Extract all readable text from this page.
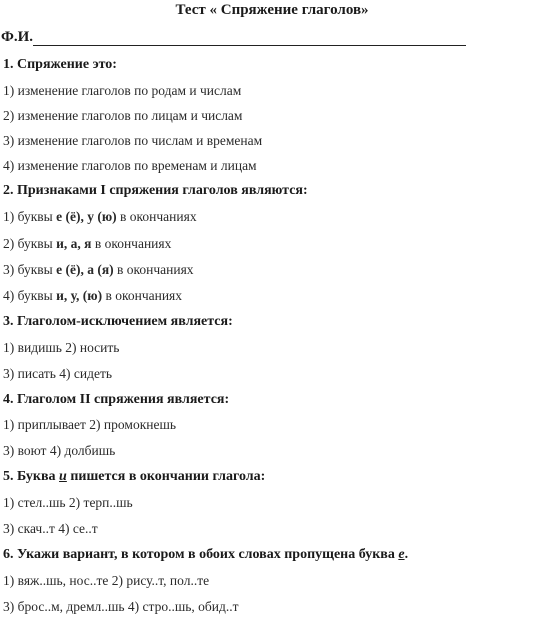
Тест « Спряжение глаголов»
Ф.И.
1. Спряжение это:
1) изменение глаголов по родам и числам
2) изменение глаголов по лицам и числам
3) изменение глаголов по числам и временам
4) изменение глаголов по временам и лицам
2. Признаками I спряжения глаголов являются:
1) буквы е (ё), у (ю) в окончаниях
2) буквы и, а, я в окончаниях
3) буквы е (ё), а (я) в окончаниях
4) буквы и, у, (ю) в окончаниях
3. Глаголом-исключением является:
1) видишь 2) носить
3) писать 4) сидеть
4. Глаголом II спряжения является:
1) приплывает 2) промокнешь
3) воют 4) долбишь
5. Буква и пишется в окончании глагола:
1) стел..шь 2) терп..шь
3) скач..т 4) се..т
6. Укажи вариант, в котором в обоих словах пропущена буква е.
1) вяж..шь, нос..те 2) рису..т, пол..те
3) брос..м, дремл..шь 4) стро..шь, обид..т
